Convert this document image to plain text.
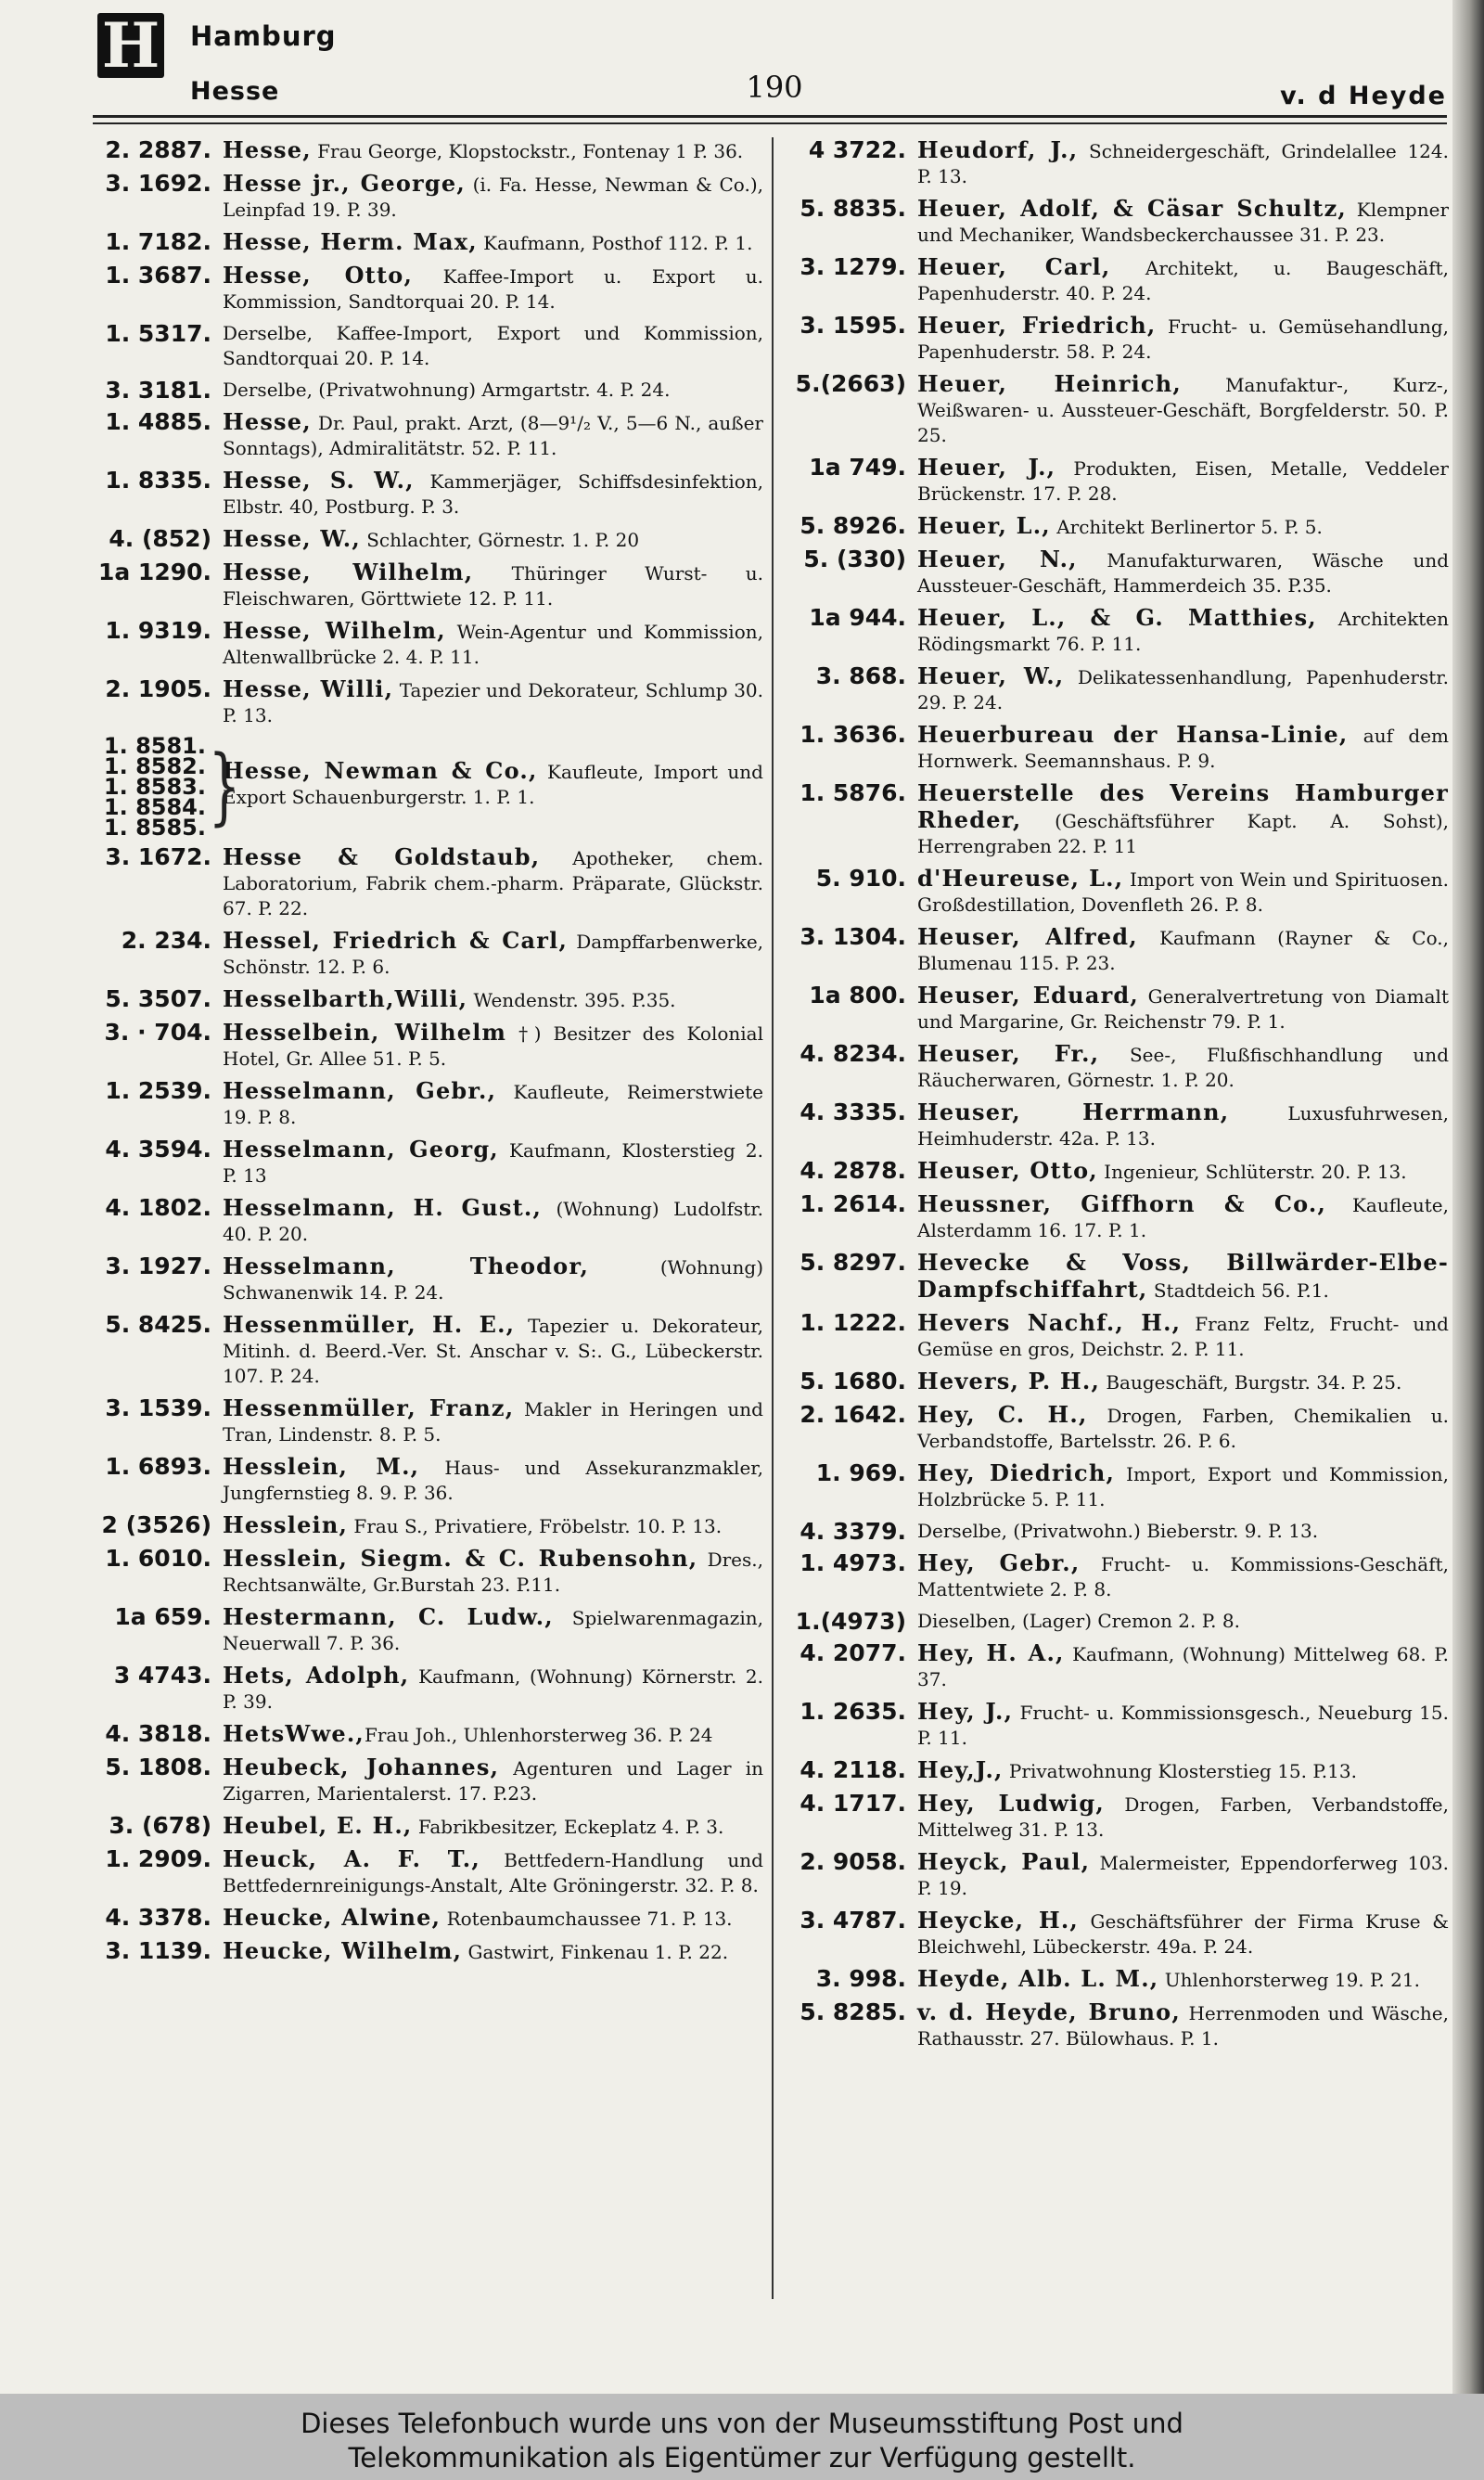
H Hamburg
Hesse	190	v. d Heyde
2. 2887. Hesse, Frau George, Klopstockstr., Fontenay 1 P. 36.
3. 1692. Hesse jr., George, (i. Fa. Hesse, Newman & Co.), Leinpfad 19. P. 39.
1. 7182. Hesse, Herm. Max, Kaufmann, Posthof 112. P. 1.
1. 3687. Hesse, Otto, Kaffee-Import u. Export u. Kommission, Sandtorquai 20. P. 14.
1. 5317. Derselbe, Kaffee-Import, Export und Kommission, Sandtorquai 20. P. 14.
3. 3181. Derselbe, (Privatwohnung) Armgartstr. 4. P. 24.
1. 4885. Hesse, Dr. Paul, prakt. Arzt, (8—9¹/₂ V., 5—6 N., außer Sonntags), Admiralitätstr. 52. P. 11.
1. 8335. Hesse, S. W., Kammerjäger, Schiffsdesinfektion, Elbstr. 40, Postburg. P. 3.
4. (852) Hesse, W., Schlachter, Görnestr. 1. P. 20
1a 1290. Hesse, Wilhelm, Thüringer Wurst- u. Fleischwaren, Görttwiete 12. P. 11.
1. 9319. Hesse, Wilhelm, Wein-Agentur und Kommission, Altenwallbrücke 2. 4. P. 11.
2. 1905. Hesse, Willi, Tapezier und Dekorateur, Schlump 30. P. 13.
1. 8581.
1. 8582.
1. 8583.
1. 8584.
1. 8585. }
Hesse, Newman & Co., Kaufleute, Import und Export Schauenburgerstr. 1. P. 1.
3. 1672. Hesse & Goldstaub, Apotheker, chem. Laboratorium, Fabrik chem.-pharm. Präparate, Glückstr. 67. P. 22.
2. 234. Hessel, Friedrich & Carl, Dampffarbenwerke, Schönstr. 12. P. 6.
5. 3507. Hesselbarth,Willi, Wendenstr. 395. P.35.
3. · 704. Hesselbein, Wilhelm †) Besitzer des Kolonial Hotel, Gr. Allee 51. P. 5.
1. 2539. Hesselmann, Gebr., Kaufleute, Reimerstwiete 19. P. 8.
4. 3594. Hesselmann, Georg, Kaufmann, Klosterstieg 2. P. 13
4. 1802. Hesselmann, H. Gust., (Wohnung) Ludolfstr. 40. P. 20.
3. 1927. Hesselmann, Theodor, (Wohnung) Schwanenwik 14. P. 24.
5. 8425. Hessenmüller, H. E., Tapezier u. Dekorateur, Mitinh. d. Beerd.-Ver. St. Anschar v. S:. G., Lübeckerstr. 107. P. 24.
3. 1539. Hessenmüller, Franz, Makler in Heringen und Tran, Lindenstr. 8. P. 5.
1. 6893. Hesslein, M., Haus- und Assekuranzmakler, Jungfernstieg 8. 9. P. 36.
2 (3526) Hesslein, Frau S., Privatiere, Fröbelstr. 10. P. 13.
1. 6010. Hesslein, Siegm. & C. Rubensohn, Dres., Rechtsanwälte, Gr.Burstah 23. P.11.
1a 659. Hestermann, C. Ludw., Spielwarenmagazin, Neuerwall 7. P. 36.
3 4743. Hets, Adolph, Kaufmann, (Wohnung) Körnerstr. 2. P. 39.
4. 3818. HetsWwe.,Frau Joh., Uhlenhorsterweg 36. P. 24
5. 1808. Heubeck, Johannes, Agenturen und Lager in Zigarren, Marientalerst. 17. P.23.
3. (678) Heubel, E. H., Fabrikbesitzer, Eckeplatz 4. P. 3.
1. 2909. Heuck, A. F. T., Bettfedern-Handlung und Bettfedernreinigungs-Anstalt, Alte Gröningerstr. 32. P. 8.
4. 3378. Heucke, Alwine, Rotenbaumchaussee 71. P. 13.
3. 1139. Heucke, Wilhelm, Gastwirt, Finkenau 1. P. 22.
4 3722. Heudorf, J., Schneidergeschäft, Grindelallee 124. P. 13.
5. 8835. Heuer, Adolf, & Cäsar Schultz, Klempner und Mechaniker, Wandsbeckerchaussee 31. P. 23.
3. 1279. Heuer, Carl, Architekt, u. Baugeschäft, Papenhuderstr. 40. P. 24.
3. 1595. Heuer, Friedrich, Frucht- u. Gemüsehandlung, Papenhuderstr. 58. P. 24.
5.(2663) Heuer, Heinrich, Manufaktur-, Kurz-, Weißwaren- u. Aussteuer-Geschäft, Borgfelderstr. 50. P. 25.
1a 749. Heuer, J., Produkten, Eisen, Metalle, Veddeler Brückenstr. 17. P. 28.
5. 8926. Heuer, L., Architekt Berlinertor 5. P. 5.
5. (330) Heuer, N., Manufakturwaren, Wäsche und Aussteuer-Geschäft, Hammerdeich 35. P.35.
1a 944. Heuer, L., & G. Matthies, Architekten Rödingsmarkt 76. P. 11.
3. 868. Heuer, W., Delikatessenhandlung, Papenhuderstr. 29. P. 24.
1. 3636. Heuerbureau der Hansa-Linie, auf dem Hornwerk. Seemannshaus. P. 9.
1. 5876. Heuerstelle des Vereins Hamburger Rheder, (Geschäftsführer Kapt. A. Sohst), Herrengraben 22. P. 11
5. 910. d'Heureuse, L., Import von Wein und Spirituosen. Großdestillation, Dovenfleth 26. P. 8.
3. 1304. Heuser, Alfred, Kaufmann (Rayner & Co., Blumenau 115. P. 23.
1a 800. Heuser, Eduard, Generalvertretung von Diamalt und Margarine, Gr. Reichenstr 79. P. 1.
4. 8234. Heuser, Fr., See-, Flußfischhandlung und Räucherwaren, Görnestr. 1. P. 20.
4. 3335. Heuser, Herrmann, Luxusfuhrwesen, Heimhuderstr. 42a. P. 13.
4. 2878. Heuser, Otto, Ingenieur, Schlüterstr. 20. P. 13.
1. 2614. Heussner, Giffhorn & Co., Kaufleute, Alsterdamm 16. 17. P. 1.
5. 8297. Hevecke & Voss, Billwärder-Elbe-Dampfschiffahrt, Stadtdeich 56. P.1.
1. 1222. Hevers Nachf., H., Franz Feltz, Frucht- und Gemüse en gros, Deichstr. 2. P. 11.
5. 1680. Hevers, P. H., Baugeschäft, Burgstr. 34. P. 25.
2. 1642. Hey, C. H., Drogen, Farben, Chemikalien u. Verbandstoffe, Bartelsstr. 26. P. 6.
1. 969. Hey, Diedrich, Import, Export und Kommission, Holzbrücke 5. P. 11.
4. 3379. Derselbe, (Privatwohn.) Bieberstr. 9. P. 13.
1. 4973. Hey, Gebr., Frucht- u. Kommissions-Geschäft, Mattentwiete 2. P. 8.
1.(4973) Dieselben, (Lager) Cremon 2. P. 8.
4. 2077. Hey, H. A., Kaufmann, (Wohnung) Mittelweg 68. P. 37.
1. 2635. Hey, J., Frucht- u. Kommissionsgesch., Neueburg 15. P. 11.
4. 2118. Hey,J., Privatwohnung Klosterstieg 15. P.13.
4. 1717. Hey, Ludwig, Drogen, Farben, Verbandstoffe, Mittelweg 31. P. 13.
2. 9058. Heyck, Paul, Malermeister, Eppendorferweg 103. P. 19.
3. 4787. Heycke, H., Geschäftsführer der Firma Kruse & Bleichwehl, Lübeckerstr. 49a. P. 24.
3. 998. Heyde, Alb. L. M., Uhlenhorsterweg 19. P. 21.
5. 8285. v. d. Heyde, Bruno, Herrenmoden und Wäsche, Rathausstr. 27. Bülowhaus. P. 1.
Dieses Telefonbuch wurde uns von der Museumsstiftung Post und
Telekommunikation als Eigentümer zur Verfügung gestellt.
